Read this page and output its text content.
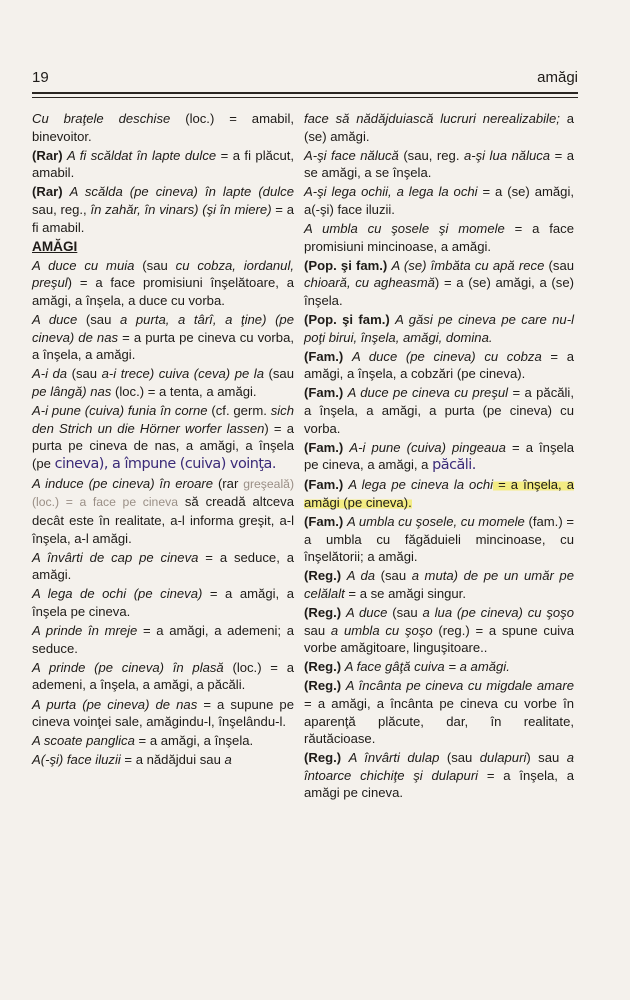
19	amăgi
Cu braţele deschise (loc.) = amabil, binevoitor.
(Rar) A fi scăldat în lapte dulce = a fi plăcut, amabil.
(Rar) A scălda (pe cineva) în lapte (dulce sau, reg., în zahăr, în vinars) (şi în miere) = a fi amabil.
AMĂGI
A duce cu muia (sau cu cobza, iordanul, preşul) = a face promisiuni înşelătoare, a amăgi, a înşela, a duce cu vorba.
A duce (sau a purta, a târî, a ţine) (pe cineva) de nas = a purta pe cineva cu vorba, a înşela, a amăgi.
A-i da (sau a-i trece) cuiva (ceva) pe la (sau pe lângă) nas (loc.) = a tenta, a amăgi.
A-i pune (cuiva) funia în corne (cf. germ. sich den Strich un die Hörner worfer lassen) = a purta pe cineva de nas, a amăgi, a înşela (pe cineva), a împune (cuiva) voinţa.
A induce (pe cineva) în eroare (rar greşeală) (loc.) = a face pe cineva să creadă altceva decât este în realitate, a-l informa greşit, a-l înşela, a-l amăgi.
A învârti de cap pe cineva = a seduce, a amăgi.
A lega de ochi (pe cineva) = a amăgi, a înşela pe cineva.
A prinde în mreje = a amăgi, a ademeni; a seduce.
A prinde (pe cineva) în plasă (loc.) = a ademeni, a înşela, a amăgi, a păcăli.
A purta (pe cineva) de nas = a supune pe cineva voinţei sale, amăgindu-l, înşelându-l.
A scoate panglica = a amăgi, a înşela.
A(-şi) face iluzii = a nădăjdui sau a
face să nădăjduiască lucruri nerealizabile; a (se) amăgi.
A-şi face nălucă (sau, reg. a-şi lua năluca = a se amăgi, a se înşela.
A-şi lega ochii, a lega la ochi = a (se) amăgi, a(-şi) face iluzii.
A umbla cu şosele şi momele = a face promisiuni mincinoase, a amăgi.
(Pop. şi fam.) A (se) îmbăta cu apă rece (sau chioară, cu agheasmă) = a (se) amăgi, a (se) înşela.
(Pop. şi fam.) A găsi pe cineva pe care nu-l poţi birui, înşela, amăgi, domina.
(Fam.) A duce (pe cineva) cu cobza = a amăgi, a înşela, a cobzări (pe cineva).
(Fam.) A duce pe cineva cu preşul = a păcăli, a înşela, a amăgi, a purta (pe cineva) cu vorba.
(Fam.) A-i pune (cuiva) pingeaua = a înşela pe cineva, a amăgi, a păcăli.
(Fam.) A lega pe cineva la ochi = a înşela, a amăgi (pe cineva).
(Fam.) A umbla cu şosele, cu momele (fam.) = a umbla cu făgăduieli mincinoase, cu înşelătorii; a amăgi.
(Reg.) A da (sau a muta) de pe un umăr pe celălalt = a se amăgi singur.
(Reg.) A duce (sau a lua (pe cineva) cu şoşo sau a umbla cu şoşo (reg.) = a spune cuiva vorbe amăgitoare, linguşitoare..
(Reg.) A face gâţă cuiva = a amăgi.
(Reg.) A încânta pe cineva cu migdale amare = a amăgi, a încânta pe cineva cu vorbe în aparenţă plăcute, dar, în realitate, răutăcioase.
(Reg.) A învârti dulap (sau dulapuri) sau a întoarce chichiţe şi dulapuri = a înşela, a amăgi pe cineva.
